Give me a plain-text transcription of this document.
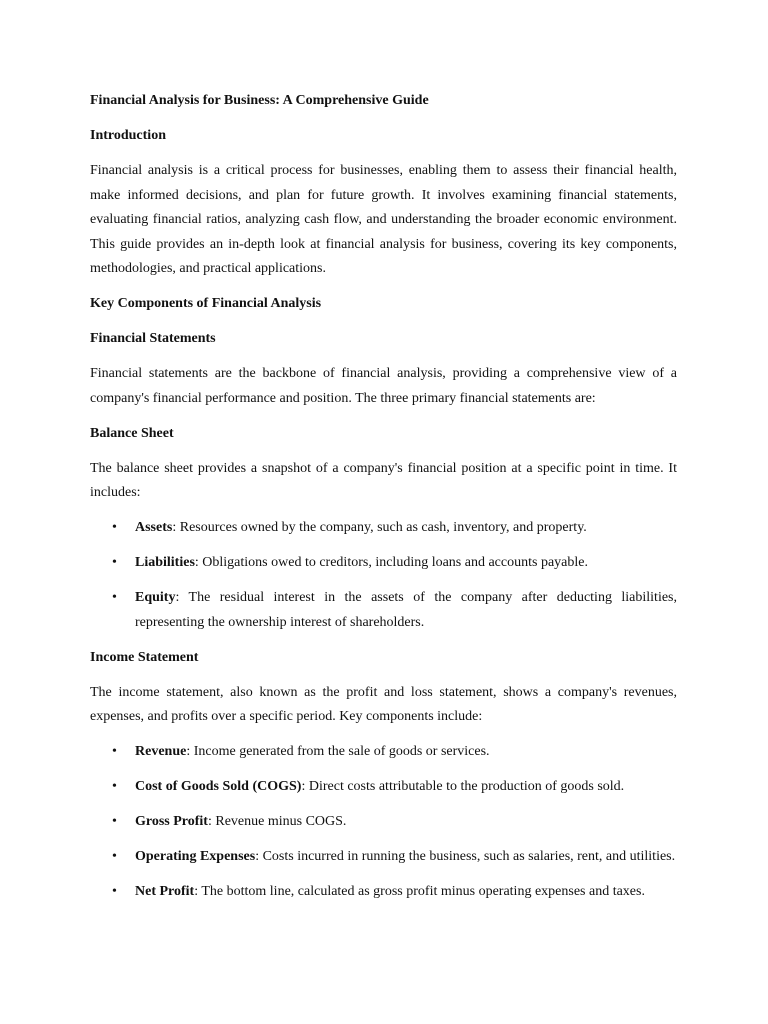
Financial Analysis for Business: A Comprehensive Guide
Introduction
Financial analysis is a critical process for businesses, enabling them to assess their financial health, make informed decisions, and plan for future growth. It involves examining financial statements, evaluating financial ratios, analyzing cash flow, and understanding the broader economic environment. This guide provides an in-depth look at financial analysis for business, covering its key components, methodologies, and practical applications.
Key Components of Financial Analysis
Financial Statements
Financial statements are the backbone of financial analysis, providing a comprehensive view of a company's financial performance and position. The three primary financial statements are:
Balance Sheet
The balance sheet provides a snapshot of a company's financial position at a specific point in time. It includes:
• Assets: Resources owned by the company, such as cash, inventory, and property.
• Liabilities: Obligations owed to creditors, including loans and accounts payable.
• Equity: The residual interest in the assets of the company after deducting liabilities, representing the ownership interest of shareholders.
Income Statement
The income statement, also known as the profit and loss statement, shows a company's revenues, expenses, and profits over a specific period. Key components include:
• Revenue: Income generated from the sale of goods or services.
• Cost of Goods Sold (COGS): Direct costs attributable to the production of goods sold.
• Gross Profit: Revenue minus COGS.
• Operating Expenses: Costs incurred in running the business, such as salaries, rent, and utilities.
• Net Profit: The bottom line, calculated as gross profit minus operating expenses and taxes.
